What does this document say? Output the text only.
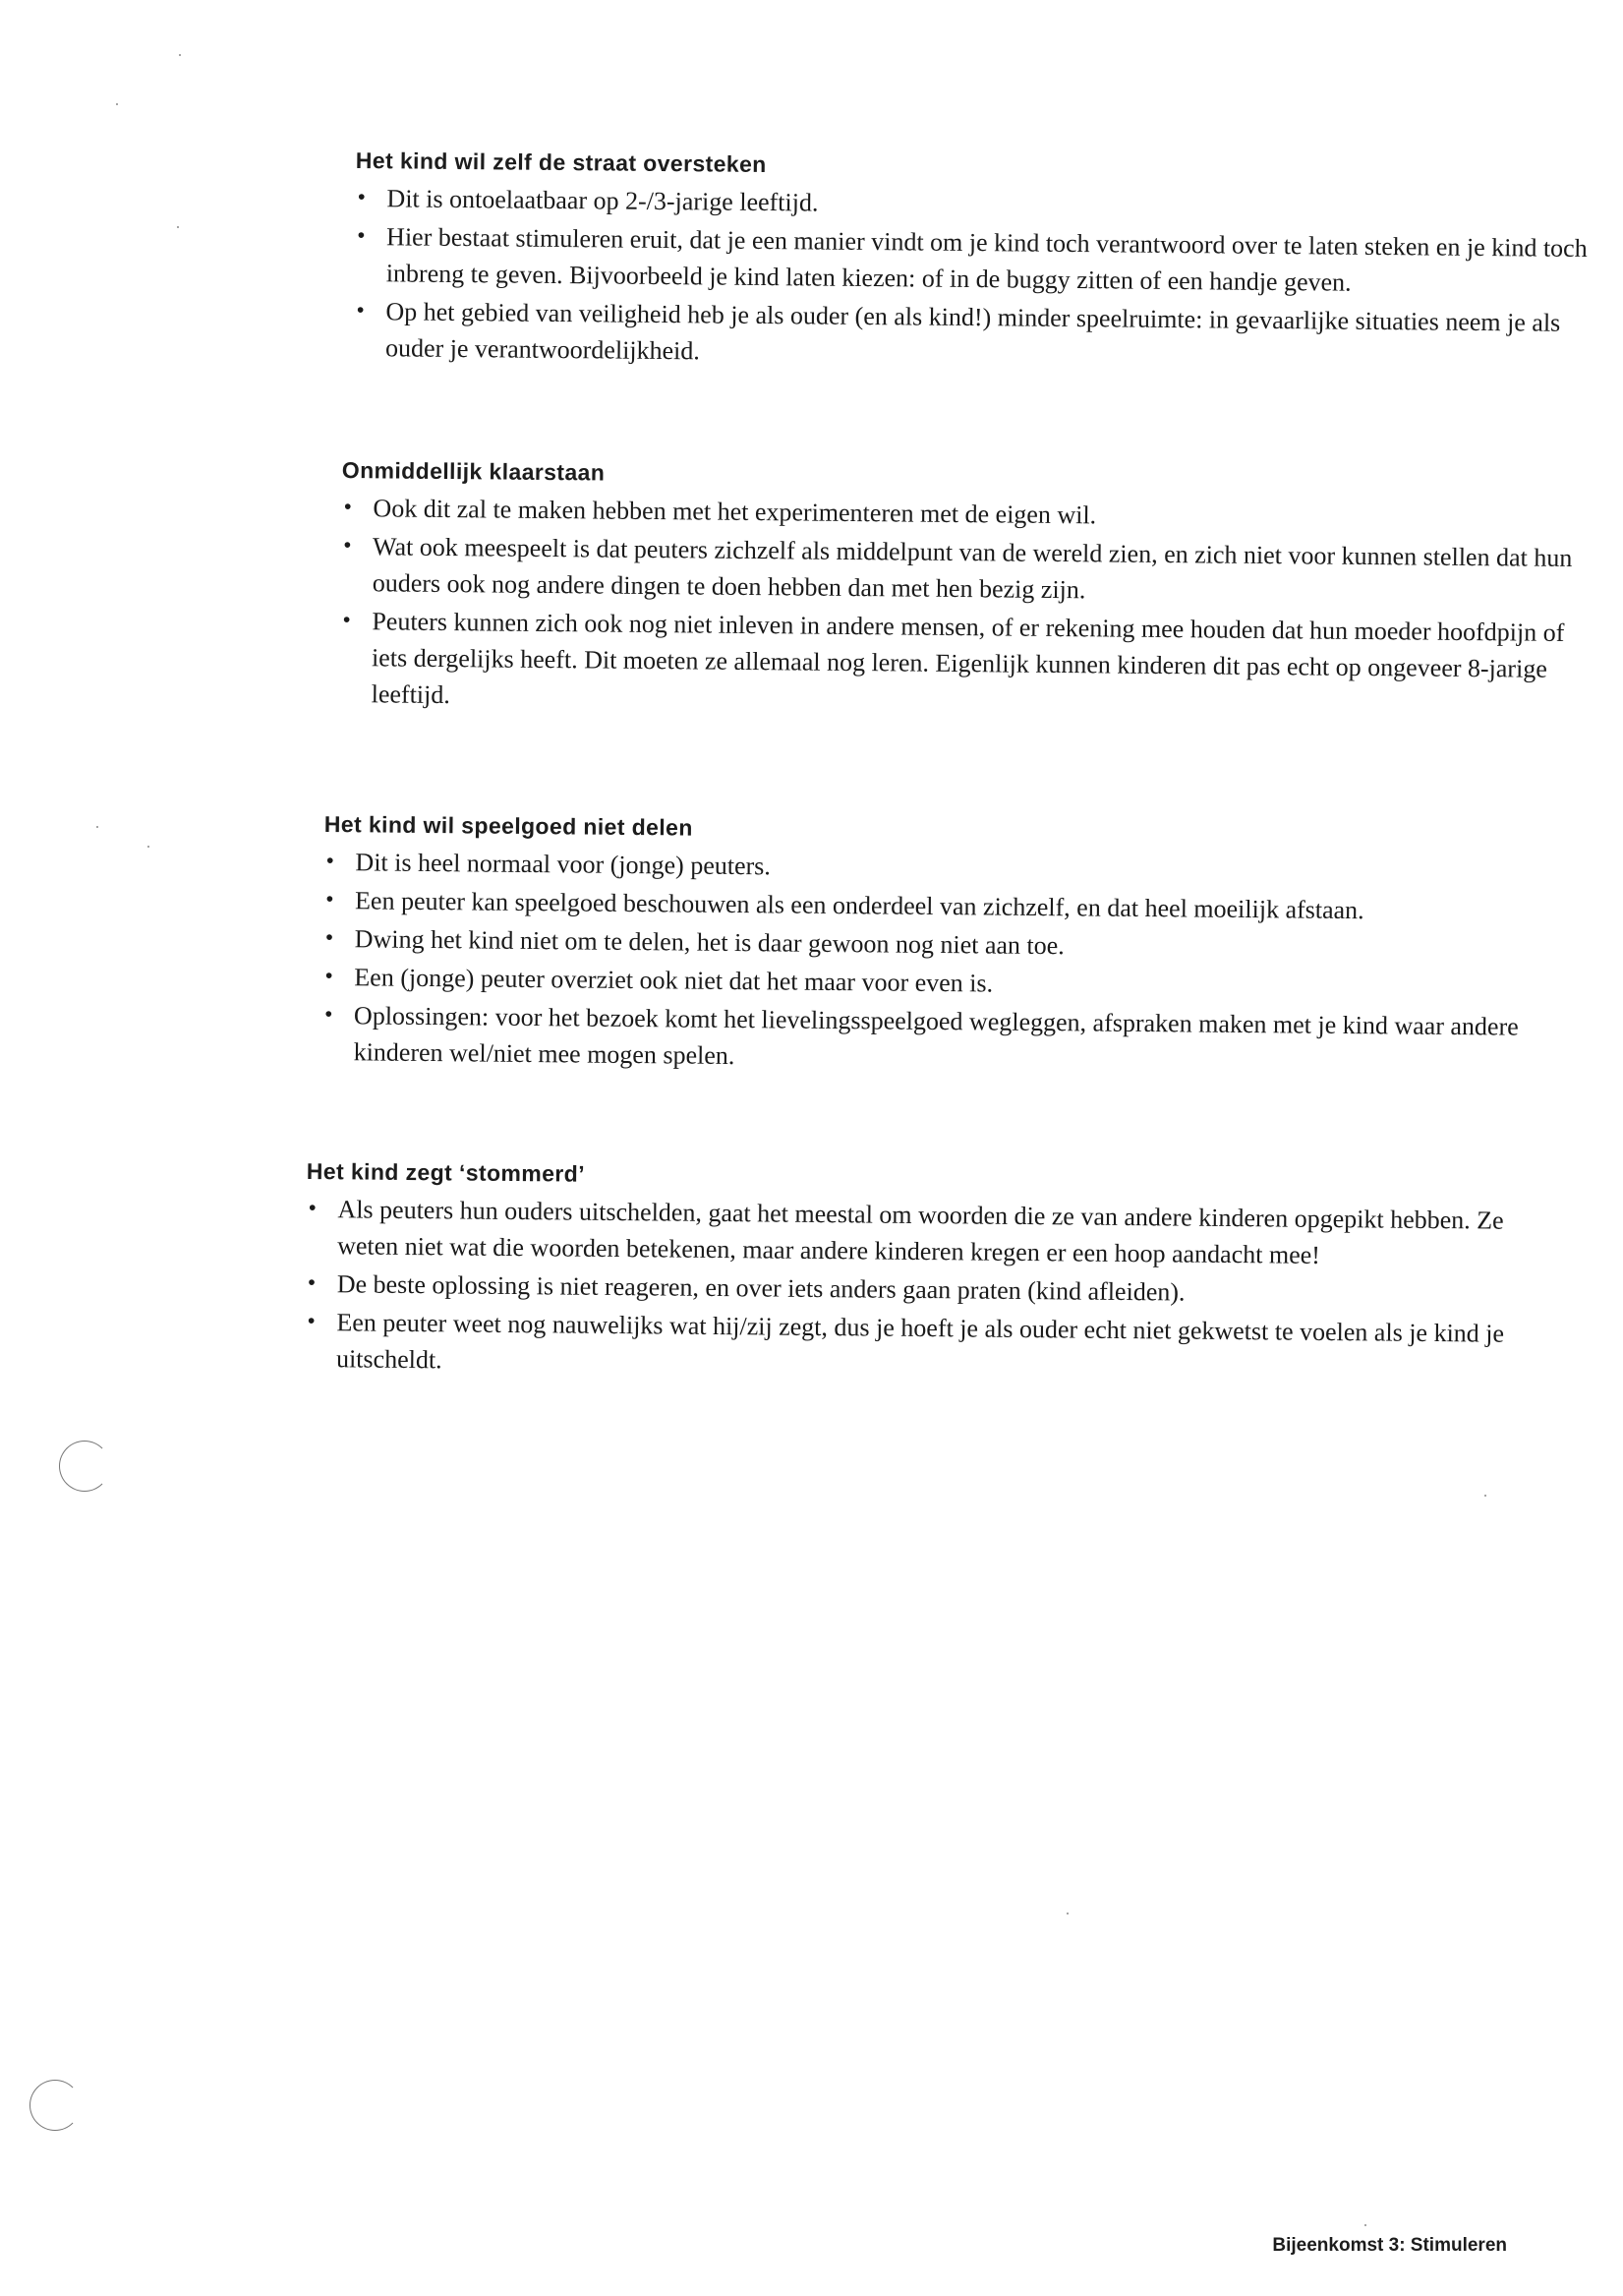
Het kind wil zelf de straat oversteken
• Dit is ontoelaatbaar op 2-/3-jarige leeftijd.
• Hier bestaat stimuleren eruit, dat je een manier vindt om je kind toch verantwoord over te laten steken en je kind toch inbreng te geven. Bijvoorbeeld je kind laten kiezen: of in de buggy zitten of een handje geven.
• Op het gebied van veiligheid heb je als ouder (en als kind!) minder speelruimte: in gevaarlijke situaties neem je als ouder je verantwoordelijkheid.
Onmiddellijk klaarstaan
• Ook dit zal te maken hebben met het experimenteren met de eigen wil.
• Wat ook meespeelt is dat peuters zichzelf als middelpunt van de wereld zien, en zich niet voor kunnen stellen dat hun ouders ook nog andere dingen te doen hebben dan met hen bezig zijn.
• Peuters kunnen zich ook nog niet inleven in andere mensen, of er rekening mee houden dat hun moeder hoofdpijn of iets dergelijks heeft. Dit moeten ze allemaal nog leren. Eigenlijk kunnen kinderen dit pas echt op ongeveer 8-jarige leeftijd.
Het kind wil speelgoed niet delen
• Dit is heel normaal voor (jonge) peuters.
• Een peuter kan speelgoed beschouwen als een onderdeel van zichzelf, en dat heel moeilijk afstaan.
• Dwing het kind niet om te delen, het is daar gewoon nog niet aan toe.
• Een (jonge) peuter overziet ook niet dat het maar voor even is.
• Oplossingen: voor het bezoek komt het lievelingsspeelgoed wegleggen, afspraken maken met je kind waar andere kinderen wel/niet mee mogen spelen.
Het kind zegt ‘stommerd’
• Als peuters hun ouders uitschelden, gaat het meestal om woorden die ze van andere kinderen opgepikt hebben. Ze weten niet wat die woorden betekenen, maar andere kinderen kregen er een hoop aandacht mee!
• De beste oplossing is niet reageren, en over iets anders gaan praten (kind afleiden).
• Een peuter weet nog nauwelijks wat hij/zij zegt, dus je hoeft je als ouder echt niet gekwetst te voelen als je kind je uitscheldt.
Bijeenkomst 3: Stimuleren
